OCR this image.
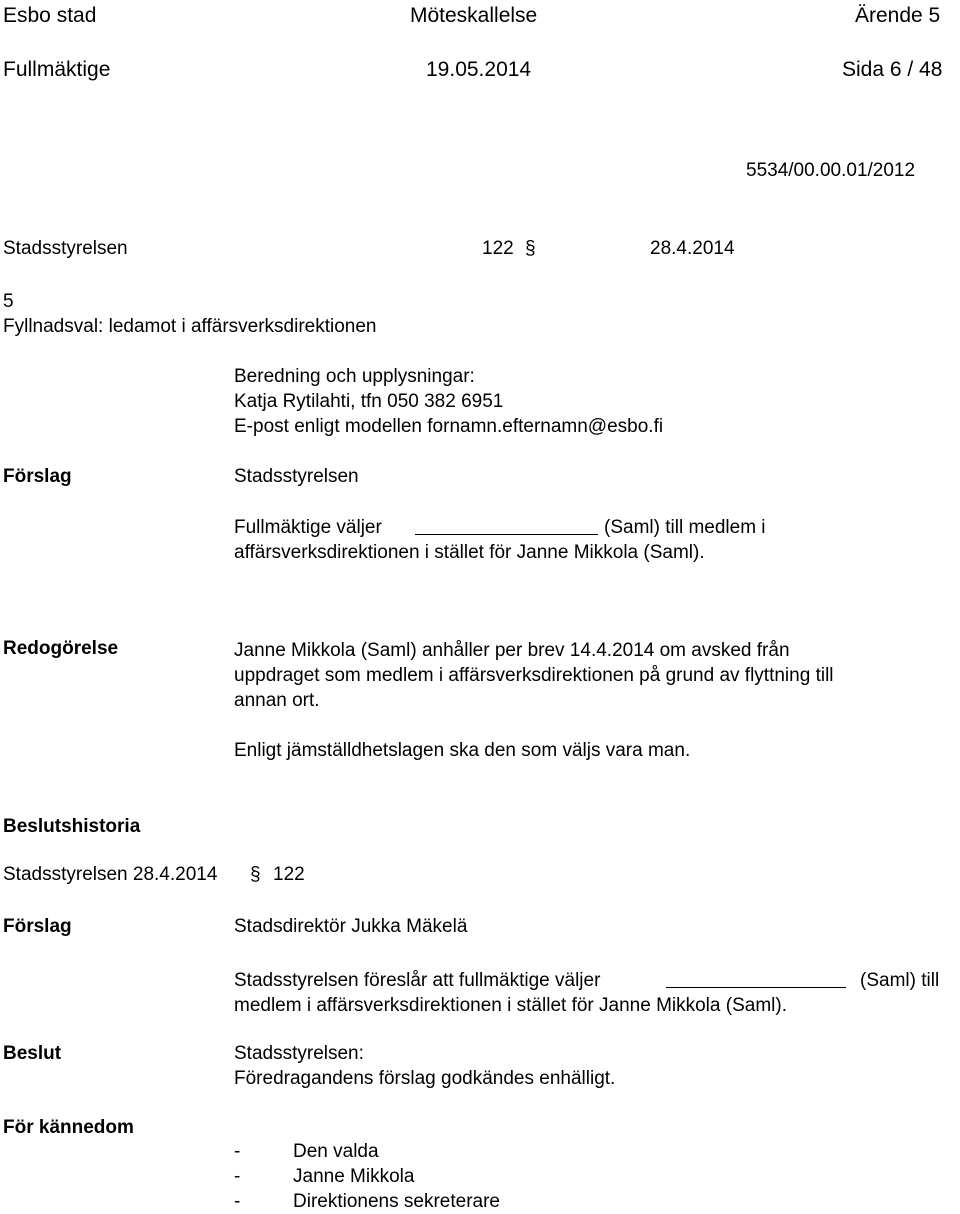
Esbo stad	Möteskallelse	Ärende 5
Fullmäktige	19.05.2014	Sida 6 / 48
5534/00.00.01/2012
Stadsstyrelsen	122 §	28.4.2014
5
Fyllnadsval: ledamot i affärsverksdirektionen
Beredning och upplysningar:
Katja Rytilahti, tfn 050 382 6951
E-post enligt modellen fornamn.efternamn@esbo.fi
Förslag	Stadsstyrelsen
Fullmäktige väljer	(Saml) till medlem i
affärsverksdirektionen i stället för Janne Mikkola (Saml).
Redogörelse	Janne Mikkola (Saml) anhåller per brev 14.4.2014 om avsked från
uppdraget som medlem i affärsverksdirektionen på grund av flyttning till
annan ort.
Enligt jämställdhetslagen ska den som väljs vara man.
Beslutshistoria
Stadsstyrelsen 28.4.2014 § 122
Förslag	Stadsdirektör Jukka Mäkelä
Stadsstyrelsen föreslår att fullmäktige väljer	(Saml) till
medlem i affärsverksdirektionen i stället för Janne Mikkola (Saml).
Beslut	Stadsstyrelsen:
Föredragandens förslag godkändes enhälligt.
För kännedom
-	Den valda
-	Janne Mikkola
-	Direktionens sekreterare
